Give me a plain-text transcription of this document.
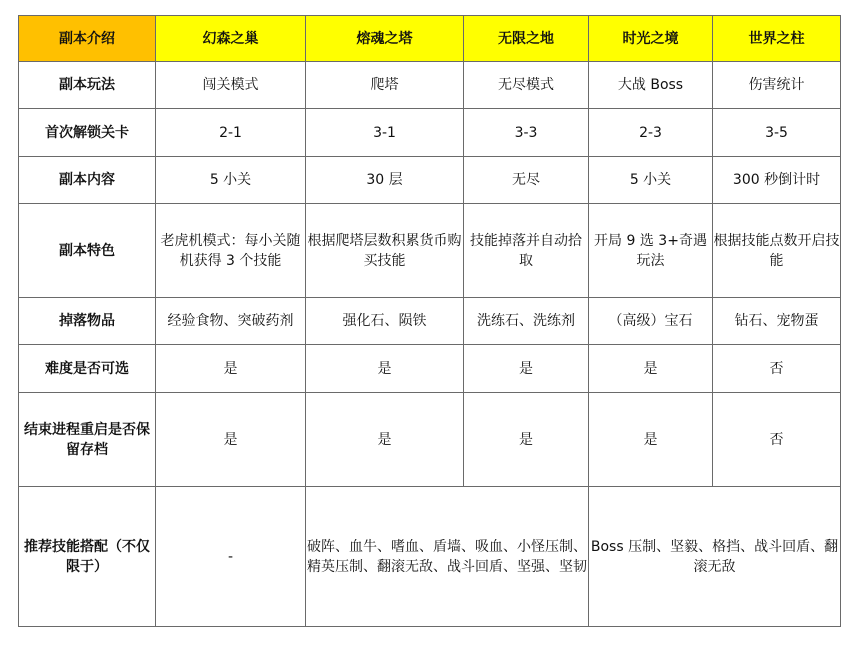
副本介绍	幻森之巢	熔魂之塔	无限之地	时光之境	世界之柱
副本玩法	闯关模式	爬塔	无尽模式	大战 Boss	伤害统计
首次解锁关卡	2-1	3-1	3-3	2-3	3-5
副本内容	5 小关	30 层	无尽	5 小关	300 秒倒计时
副本特色	老虎机模式：每小关随机获得 3 个技能	根据爬塔层数积累货币购买技能	技能掉落并自动拾取	开局 9 选 3+奇遇玩法	根据技能点数开启技能
掉落物品	经验食物、突破药剂	强化石、陨铁	洗练石、洗练剂	（高级）宝石	钻石、宠物蛋
难度是否可选	是	是	是	是	否
结束进程重启是否保留存档	是	是	是	是	否
推荐技能搭配（不仅限于）	-	破阵、血牛、嗜血、盾墙、吸血、小怪压制、精英压制、翻滚无敌、战斗回盾、坚强、坚韧		Boss 压制、坚毅、格挡、战斗回盾、翻滚无敌	
